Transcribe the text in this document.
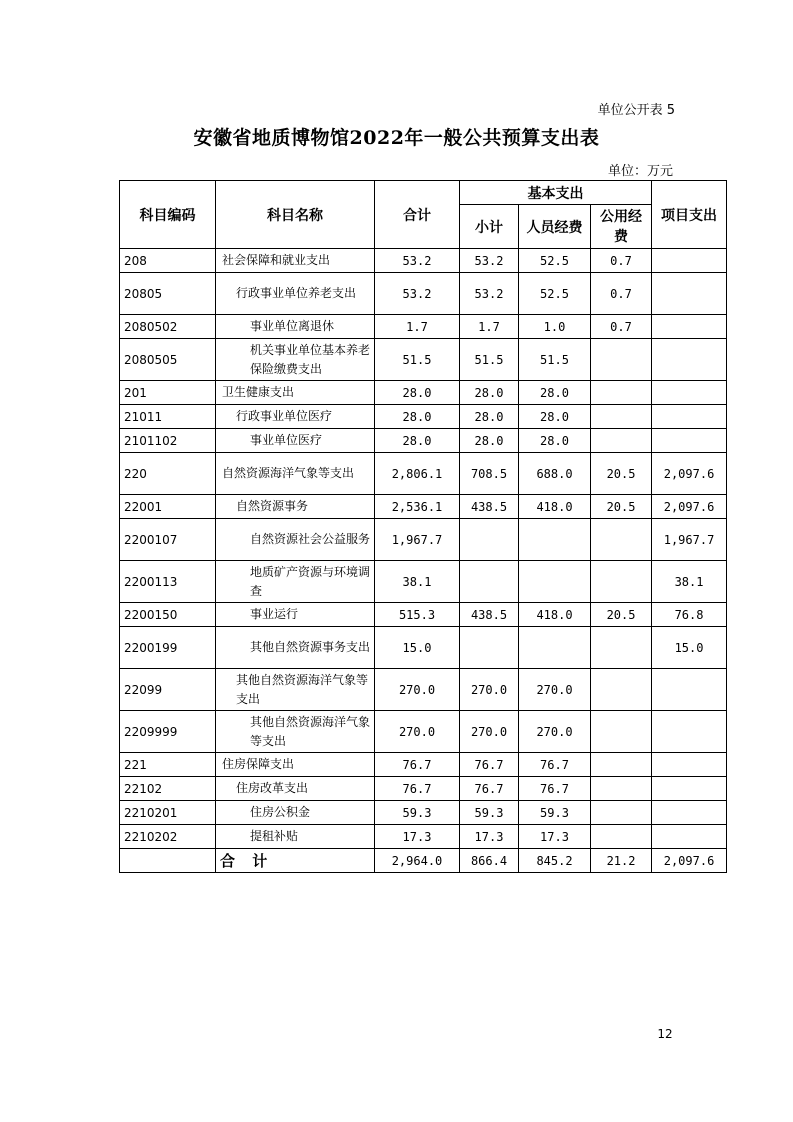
单位公开表 5
安徽省地质博物馆2022年一般公共预算支出表
单位：万元
科目编码	科目名称	合计	基本支出			项目支出
			小计	人员经费	公用经费	
208	社会保障和就业支出	53.2	53.2	52.5	0.7	
20805	行政事业单位养老支出	53.2	53.2	52.5	0.7	
2080502	事业单位离退休	1.7	1.7	1.0	0.7	
2080505	机关事业单位基本养老保险缴费支出	51.5	51.5	51.5		
201	卫生健康支出	28.0	28.0	28.0		
21011	行政事业单位医疗	28.0	28.0	28.0		
2101102	事业单位医疗	28.0	28.0	28.0		
220	自然资源海洋气象等支出	2,806.1	708.5	688.0	20.5	2,097.6
22001	自然资源事务	2,536.1	438.5	418.0	20.5	2,097.6
2200107	自然资源社会公益服务	1,967.7				1,967.7
2200113	地质矿产资源与环境调查	38.1				38.1
2200150	事业运行	515.3	438.5	418.0	20.5	76.8
2200199	其他自然资源事务支出	15.0				15.0
22099	其他自然资源海洋气象等支出	270.0	270.0	270.0		
2209999	其他自然资源海洋气象等支出	270.0	270.0	270.0		
221	住房保障支出	76.7	76.7	76.7		
22102	住房改革支出	76.7	76.7	76.7		
2210201	住房公积金	59.3	59.3	59.3		
2210202	提租补贴	17.3	17.3	17.3		
	合 计	2,964.0	866.4	845.2	21.2	2,097.6
12
